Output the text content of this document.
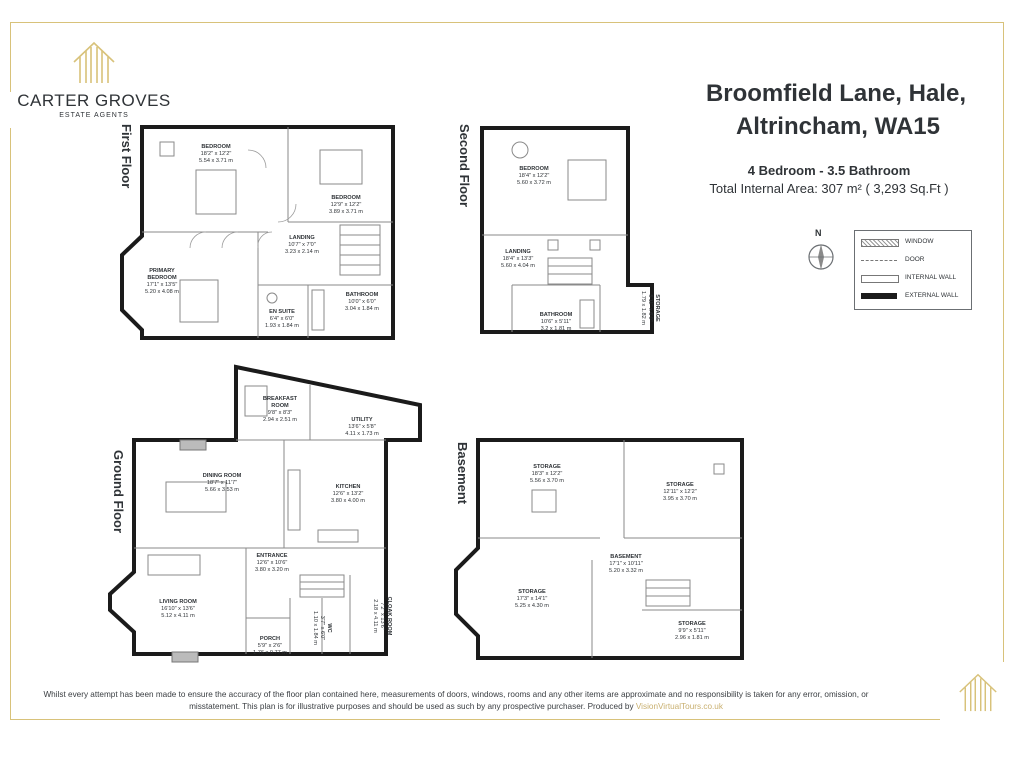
CARTER GROVES
ESTATE AGENTS
Broomfield Lane, Hale,
Altrincham, WA15
4 Bedroom - 3.5 Bathroom
Total Internal Area: 307 m² ( 3,293 Sq.Ft )
N
WINDOW
DOOR
INTERNAL WALL
EXTERNAL WALL
First Floor	Second Floor
Ground Floor	Basement
BEDROOM
18'2" x 12'2"
5.54 x 3.71 m
BEDROOM
12'9" x 12'2"
3.89 x 3.71 m
LANDING
10'7" x 7'0"
3.23 x 2.14 m
PRIMARY
BEDROOM
17'1" x 13'5"
5.20 x 4.08 m
EN SUITE
6'4" x 6'0"
1.93 x 1.84 m
BATHROOM
10'0" x 6'0"
3.04 x 1.84 m
BEDROOM
18'4" x 12'2"
5.60 x 3.72 m
LANDING
18'4" x 13'3"
5.60 x 4.04 m
BATHROOM
10'6" x 5'11"
3.2 x 1.81 m
STORAGE
5'11" x 6'0"
1.79 x 1.82 m
BREAKFAST
ROOM
9'8" x 8'3"
2.94 x 2.51 m	UTILITY
13'6" x 5'8"
4.11 x 1.73 m
DINING ROOM
18'7" x 11'7"
5.66 x 3.53 m	KITCHEN
12'6" x 13'2"
3.80 x 4.00 m
ENTRANCE
12'6" x 10'6"
3.80 x 3.20 m
LIVING ROOM
16'10" x 13'6"
5.12 x 4.11 m
PORCH
5'9" x 2'6"
1.76 x 0.77 m
WC
3'7" x 6'0"
1.10 x 1.84 m	CLOAK ROOM
7'2" x 13'6"
2.18 x 4.11 m
STORAGE
18'3" x 12'2"
5.56 x 3.70 m
STORAGE
12'11" x 12'2"
3.95 x 3.70 m
BASEMENT
17'1" x 10'11"
5.20 x 3.32 m
STORAGE
17'3" x 14'1"
5.25 x 4.30 m
STORAGE
9'9" x 5'11"
2.96 x 1.81 m
Whilst every attempt has been made to ensure the accuracy of the floor plan contained here, measurements of doors, windows, rooms and any other items are approximate and no responsibility is taken for any error, omission, or misstatement. This plan is for illustrative purposes and should be used as such by any prospective purchaser. Produced by VisionVirtualTours.co.uk
